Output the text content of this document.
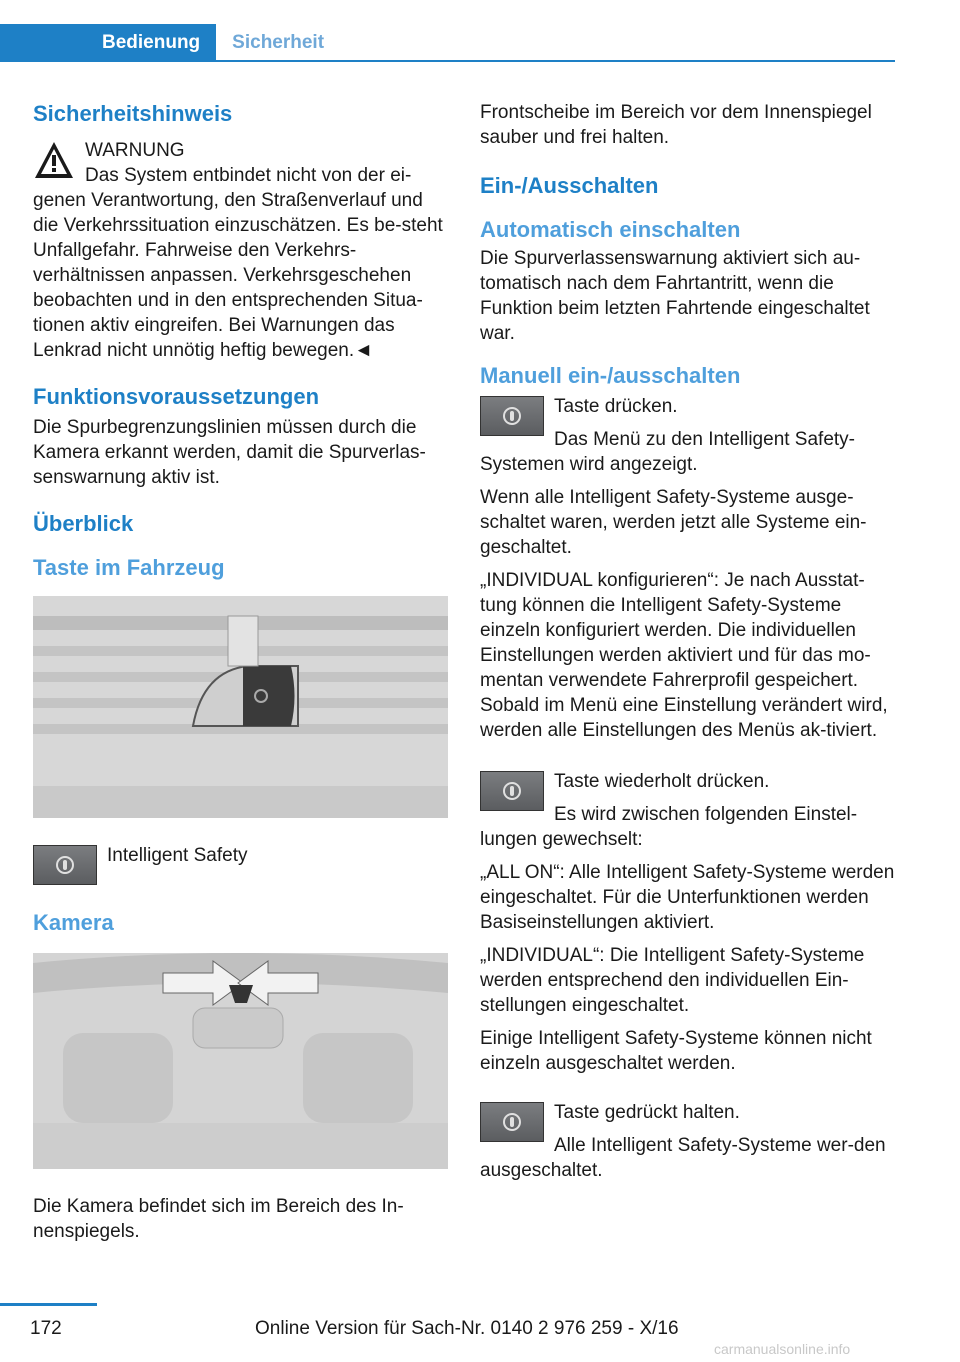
Bedienung	Sicherheit
Sicherheitshinweis

WARNUNG

Das System entbindet nicht von der ei-genen Verantwortung, den Straßenverlauf und die Verkehrssituation einzuschätzen. Es be-steht Unfallgefahr. Fahrweise den Verkehrs-verhältnissen anpassen. Verkehrsgeschehen beobachten und in den entsprechenden Situa-tionen aktiv eingreifen. Bei Warnungen das Lenkrad nicht unnötig heftig bewegen.◄

Funktionsvoraussetzungen

Die Spurbegrenzungslinien müssen durch die Kamera erkannt werden, damit die Spurverlas-senswarnung aktiv ist.

Überblick
Taste im Fahrzeug

Intelligent Safety

Kamera

Die Kamera befindet sich im Bereich des In-nenspiegels.

Frontscheibe im Bereich vor dem Innenspiegel sauber und frei halten.

Ein-/Ausschalten
Automatisch einschalten

Die Spurverlassenswarnung aktiviert sich au-tomatisch nach dem Fahrtantritt, wenn die Funktion beim letzten Fahrtende eingeschaltet war.

Manuell ein-/ausschalten

Taste drücken.

Das Menü zu den Intelligent Safety-Systemen wird angezeigt.

Wenn alle Intelligent Safety-Systeme ausge-schaltet waren, werden jetzt alle Systeme ein-geschaltet.

„INDIVIDUAL konfigurieren“: Je nach Ausstat-tung können die Intelligent Safety-Systeme einzeln konfiguriert werden. Die individuellen Einstellungen werden aktiviert und für das mo-mentan verwendete Fahrerprofil gespeichert. Sobald im Menü eine Einstellung verändert wird, werden alle Einstellungen des Menüs ak-tiviert.

Taste wiederholt drücken.

Es wird zwischen folgenden Einstel-lungen gewechselt:

„ALL ON“: Alle Intelligent Safety-Systeme werden eingeschaltet. Für die Unterfunktionen werden Basiseinstellungen aktiviert.

„INDIVIDUAL“: Die Intelligent Safety-Systeme werden entsprechend den individuellen Ein-stellungen eingeschaltet.

Einige Intelligent Safety-Systeme können nicht einzeln ausgeschaltet werden.

Taste gedrückt halten.

Alle Intelligent Safety-Systeme wer-den ausgeschaltet.

172	Online Version für Sach-Nr. 0140 2 976 259 - X/16
carmanualsonline.info
